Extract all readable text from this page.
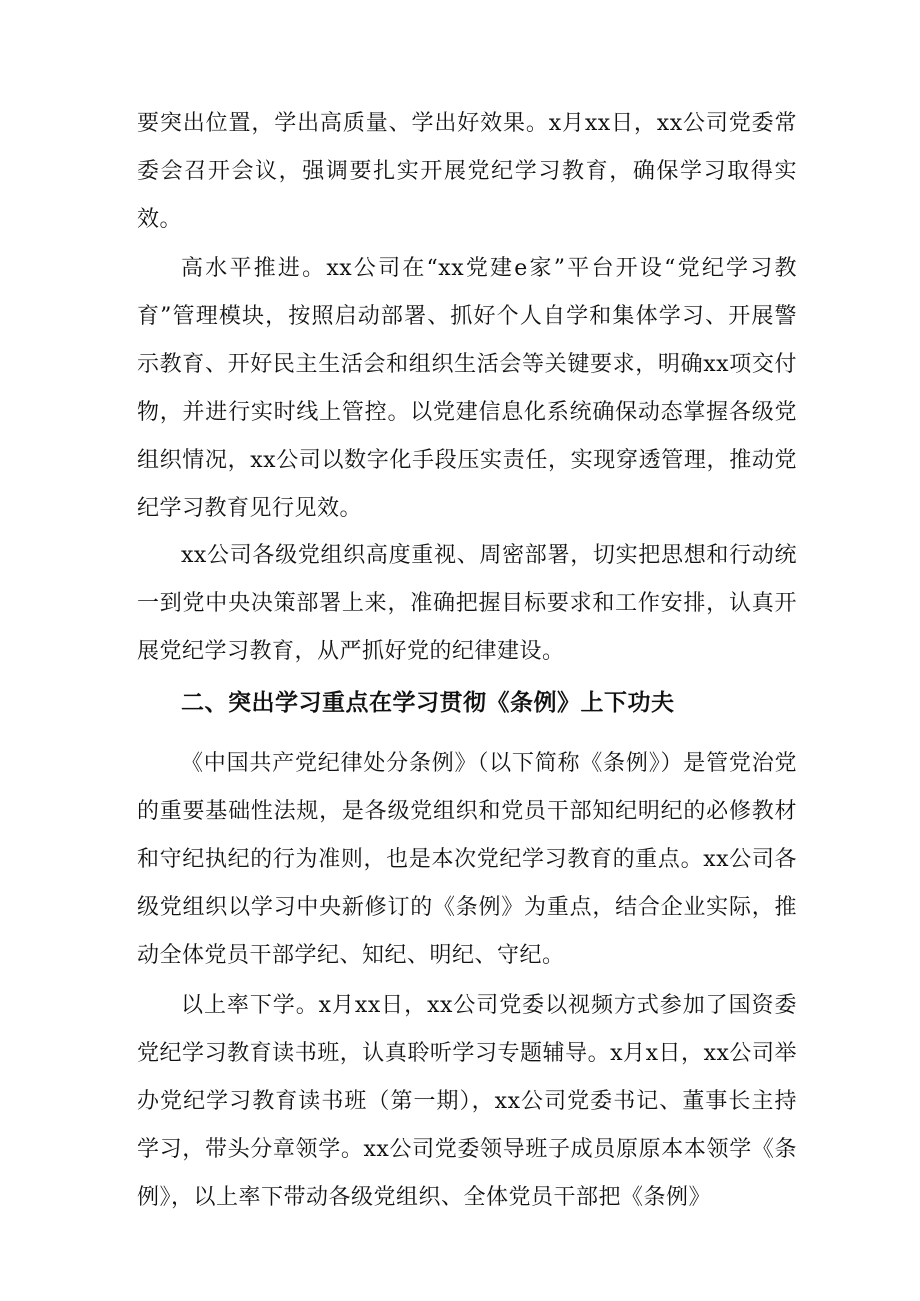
要突出位置，学出高质量、学出好效果。x月xx日，xx公司党委常委会召开会议，强调要扎实开展党纪学习教育，确保学习取得实效。

高水平推进。xx公司在“xx党建e家”平台开设“党纪学习教育”管理模块，按照启动部署、抓好个人自学和集体学习、开展警示教育、开好民主生活会和组织生活会等关键要求，明确xx项交付物，并进行实时线上管控。以党建信息化系统确保动态掌握各级党组织情况，xx公司以数字化手段压实责任，实现穿透管理，推动党纪学习教育见行见效。

xx公司各级党组织高度重视、周密部署，切实把思想和行动统一到党中央决策部署上来，准确把握目标要求和工作安排，认真开展党纪学习教育，从严抓好党的纪律建设。

二、突出学习重点在学习贯彻《条例》上下功夫

《中国共产党纪律处分条例》（以下简称《条例》）是管党治党的重要基础性法规，是各级党组织和党员干部知纪明纪的必修教材和守纪执纪的行为准则，也是本次党纪学习教育的重点。xx公司各级党组织以学习中央新修订的《条例》为重点，结合企业实际，推动全体党员干部学纪、知纪、明纪、守纪。

以上率下学。x月xx日，xx公司党委以视频方式参加了国资委党纪学习教育读书班，认真聆听学习专题辅导。x月x日，xx公司举办党纪学习教育读书班（第一期），xx公司党委书记、董事长主持学习，带头分章领学。xx公司党委领导班子成员原原本本领学《条例》，以上率下带动各级党组织、全体党员干部把《条例》
